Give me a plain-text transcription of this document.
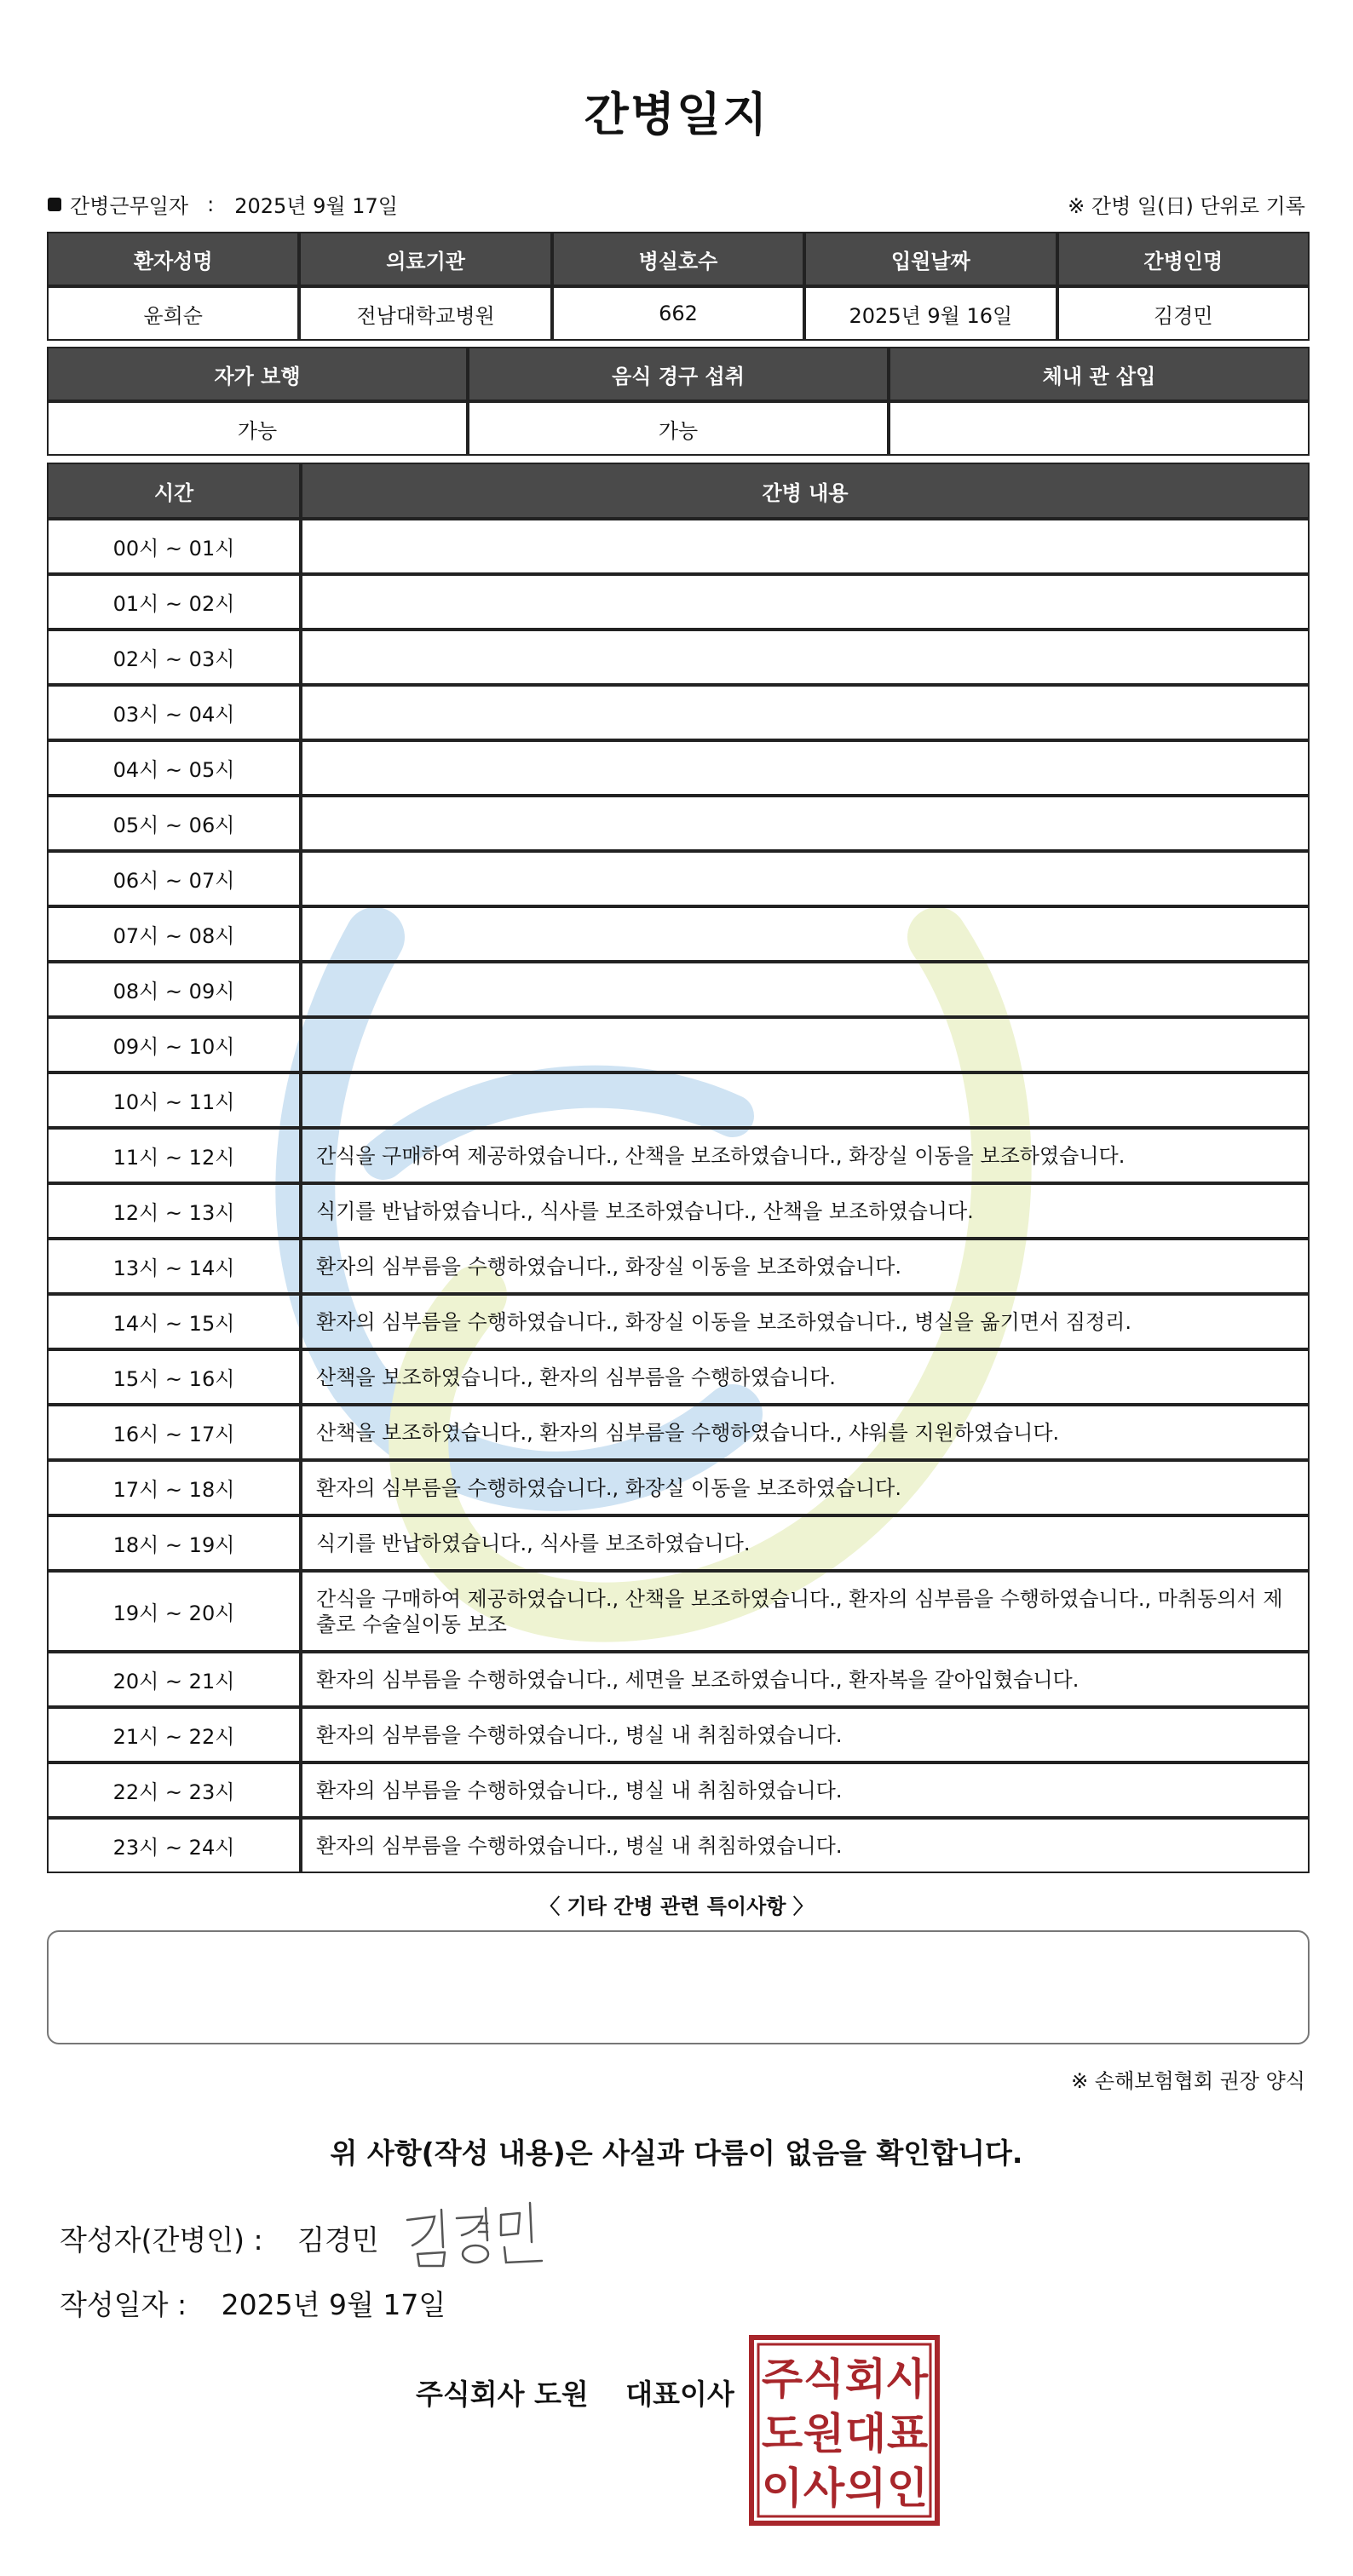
간병일지
간병근무일자 : 2025년 9월 17일	※ 간병 일(日) 단위로 기록
환자성명	의료기관	병실호수	입원날짜	간병인명
윤희순	전남대학교병원	662	2025년 9월 16일	김경민
자가 보행	음식 경구 섭취	체내 관 삽입
가능	가능	
시간	간병 내용
00시 ~ 01시	
01시 ~ 02시	
02시 ~ 03시	
03시 ~ 04시	
04시 ~ 05시	
05시 ~ 06시	
06시 ~ 07시	
07시 ~ 08시	
08시 ~ 09시	
09시 ~ 10시	
10시 ~ 11시	
11시 ~ 12시	간식을 구매하여 제공하였습니다., 산책을 보조하였습니다., 화장실 이동을 보조하였습니다.
12시 ~ 13시	식기를 반납하였습니다., 식사를 보조하였습니다., 산책을 보조하였습니다.
13시 ~ 14시	환자의 심부름을 수행하였습니다., 화장실 이동을 보조하였습니다.
14시 ~ 15시	환자의 심부름을 수행하였습니다., 화장실 이동을 보조하였습니다., 병실을 옮기면서 짐정리.
15시 ~ 16시	산책을 보조하였습니다., 환자의 심부름을 수행하였습니다.
16시 ~ 17시	산책을 보조하였습니다., 환자의 심부름을 수행하였습니다., 샤워를 지원하였습니다.
17시 ~ 18시	환자의 심부름을 수행하였습니다., 화장실 이동을 보조하였습니다.
18시 ~ 19시	식기를 반납하였습니다., 식사를 보조하였습니다.
19시 ~ 20시	간식을 구매하여 제공하였습니다., 산책을 보조하였습니다., 환자의 심부름을 수행하였습니다., 마취동의서 제출로 수술실이동 보조
20시 ~ 21시	환자의 심부름을 수행하였습니다., 세면을 보조하였습니다., 환자복을 갈아입혔습니다.
21시 ~ 22시	환자의 심부름을 수행하였습니다., 병실 내 취침하였습니다.
22시 ~ 23시	환자의 심부름을 수행하였습니다., 병실 내 취침하였습니다.
23시 ~ 24시	환자의 심부름을 수행하였습니다., 병실 내 취침하였습니다.
〈 기타 간병 관련 특이사항 〉
※ 손해보험협회 권장 양식
위 사항(작성 내용)은 사실과 다름이 없음을 확인합니다.
작성자(간병인) : 김경민
작성일자 : 2025년 9월 17일
주식회사 도원 대표이사 주 식 회 사
도 원 대 표
이 사 의 인
